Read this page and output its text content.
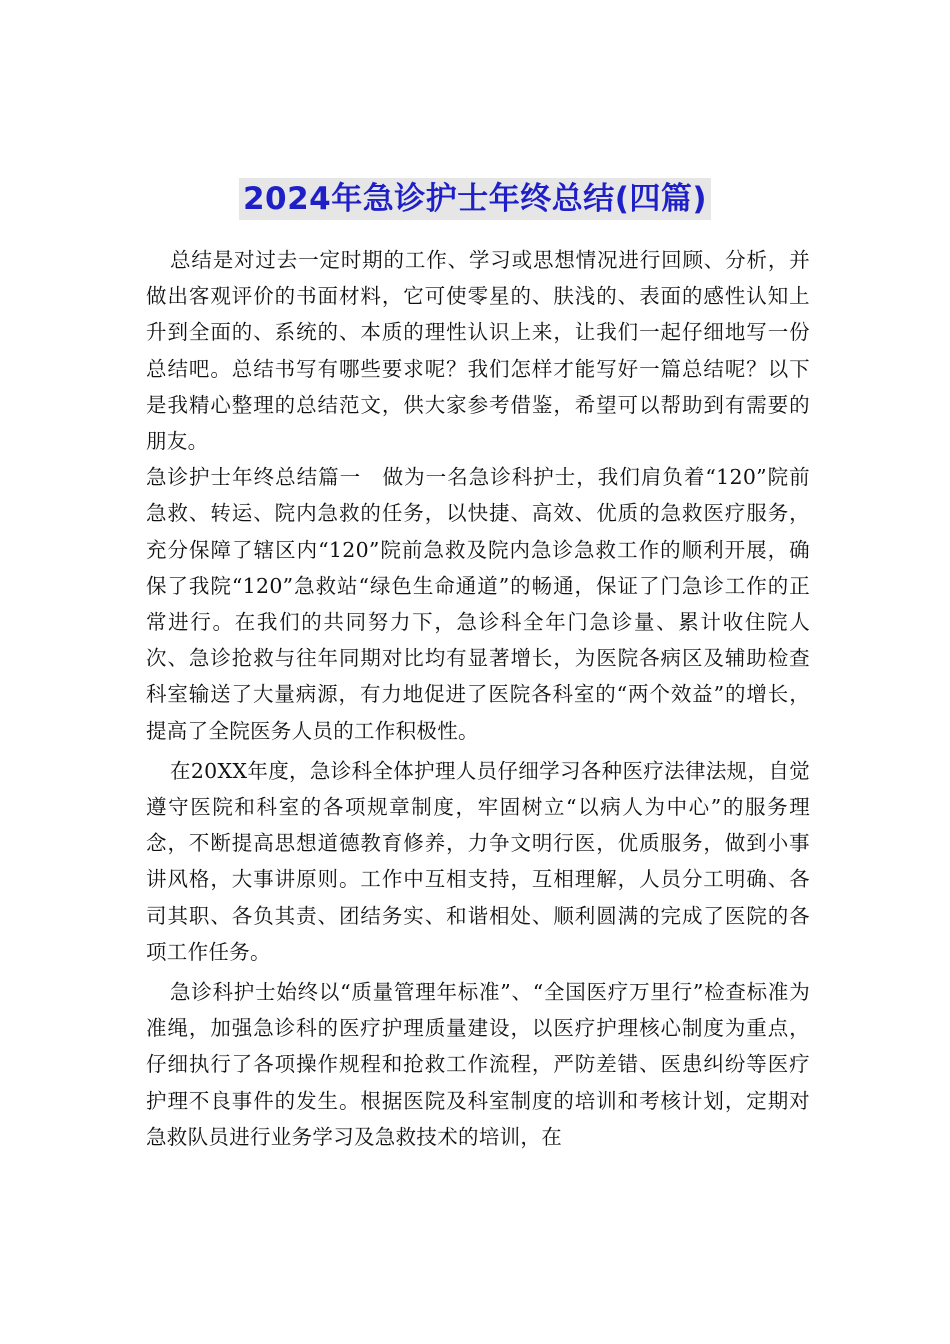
2024年急诊护士年终总结(四篇)

总结是对过去一定时期的工作、学习或思想情况进行回顾、分析，并做出客观评价的书面材料，它可使零星的、肤浅的、表面的感性认知上升到全面的、系统的、本质的理性认识上来，让我们一起仔细地写一份总结吧。总结书写有哪些要求呢？我们怎样才能写好一篇总结呢？以下是我精心整理的总结范文，供大家参考借鉴，希望可以帮助到有需要的朋友。

急诊护士年终总结篇一　做为一名急诊科护士，我们肩负着“120”院前急救、转运、院内急救的任务，以快捷、高效、优质的急救医疗服务，充分保障了辖区内“120”院前急救及院内急诊急救工作的顺利开展，确保了我院“120”急救站“绿色生命通道”的畅通，保证了门急诊工作的正常进行。在我们的共同努力下，急诊科全年门急诊量、累计收住院人次、急诊抢救与往年同期对比均有显著增长，为医院各病区及辅助检查科室输送了大量病源，有力地促进了医院各科室的“两个效益”的增长，提高了全院医务人员的工作积极性。

在20XX年度，急诊科全体护理人员仔细学习各种医疗法律法规，自觉遵守医院和科室的各项规章制度，牢固树立“以病人为中心”的服务理念，不断提高思想道德教育修养，力争文明行医，优质服务，做到小事讲风格，大事讲原则。工作中互相支持，互相理解，人员分工明确、各司其职、各负其责、团结务实、和谐相处、顺利圆满的完成了医院的各项工作任务。

急诊科护士始终以“质量管理年标准”、“全国医疗万里行”检查标准为准绳，加强急诊科的医疗护理质量建设，以医疗护理核心制度为重点，仔细执行了各项操作规程和抢救工作流程，严防差错、医患纠纷等医疗护理不良事件的发生。根据医院及科室制度的培训和考核计划，定期对急救队员进行业务学习及急救技术的培训，在
